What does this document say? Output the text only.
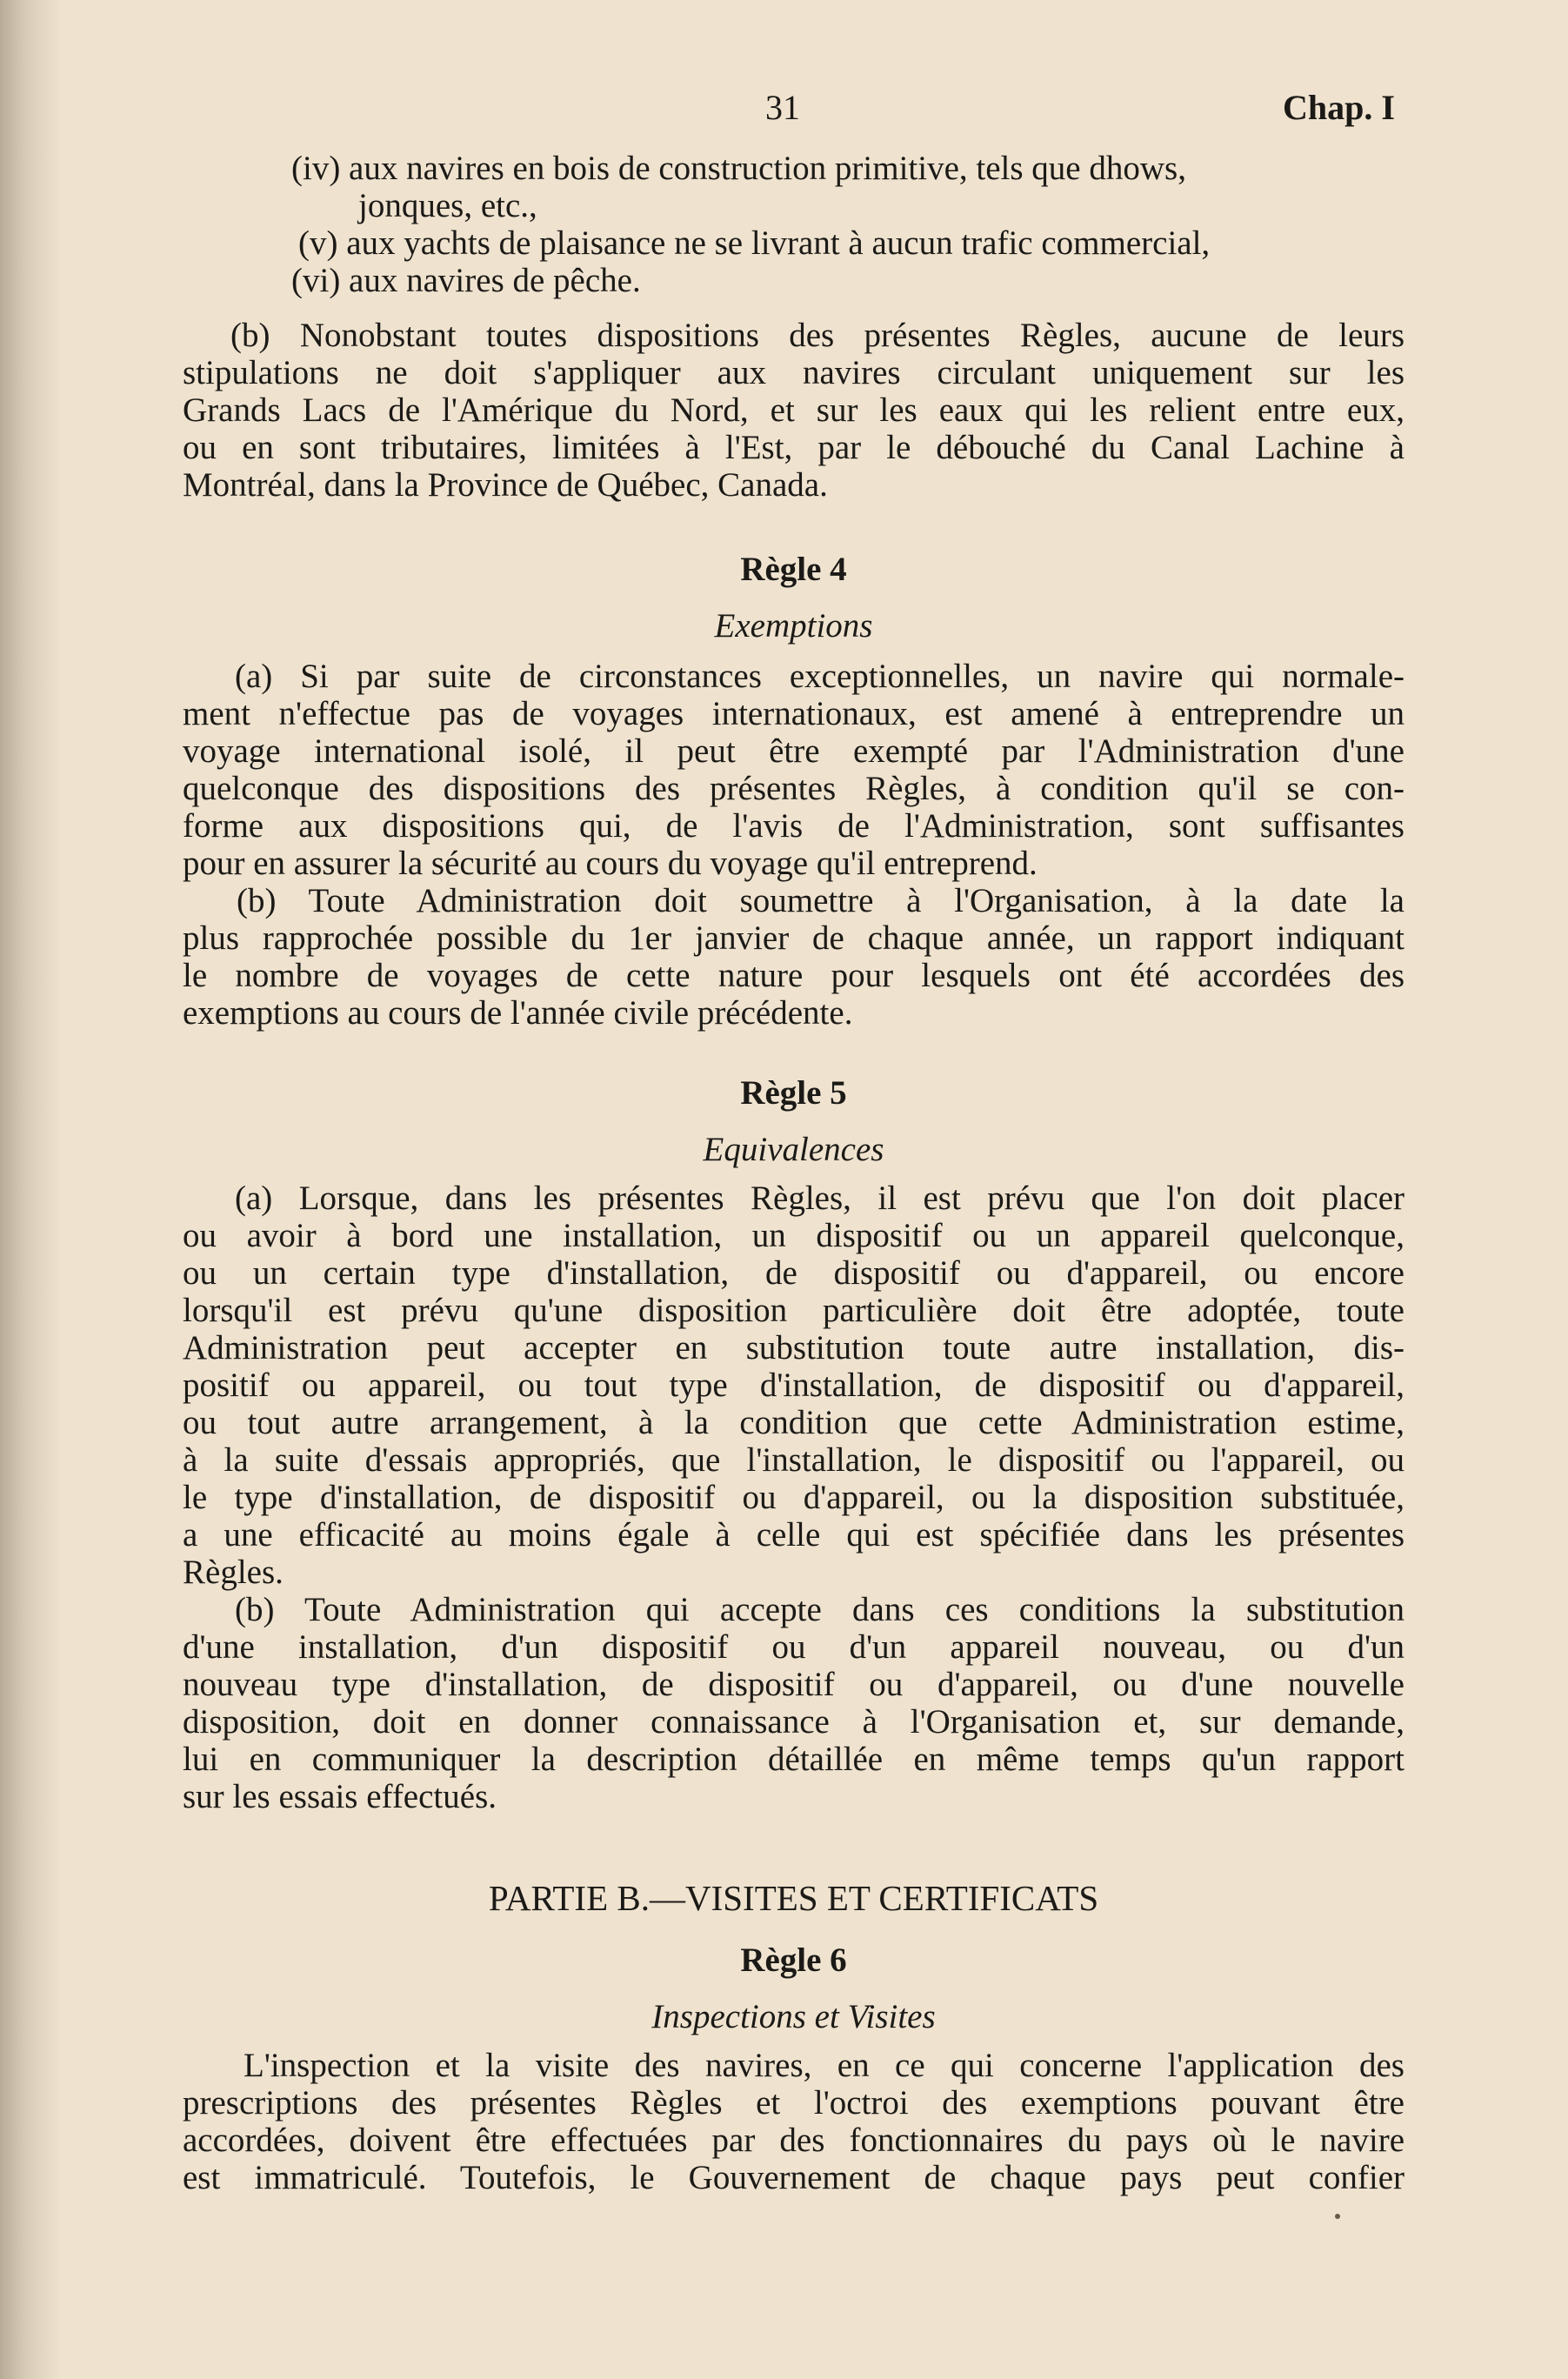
31	Chap. I
(iv) aux navires en bois de construction primitive, tels que dhows,
jonques, etc.,
(v) aux yachts de plaisance ne se livrant à aucun trafic commercial,
(vi) aux navires de pêche.
(b) Nonobstant toutes dispositions des présentes Règles, aucune de leurs
stipulations ne doit s'appliquer aux navires circulant uniquement sur les
Grands Lacs de l'Amérique du Nord, et sur les eaux qui les relient entre eux,
ou en sont tributaires, limitées à l'Est, par le débouché du Canal Lachine à
Montréal, dans la Province de Québec, Canada.
Règle 4
Exemptions
(a) Si par suite de circonstances exceptionnelles, un navire qui normale-
ment n'effectue pas de voyages internationaux, est amené à entreprendre un
voyage international isolé, il peut être exempté par l'Administration d'une
quelconque des dispositions des présentes Règles, à condition qu'il se con-
forme aux dispositions qui, de l'avis de l'Administration, sont suffisantes
pour en assurer la sécurité au cours du voyage qu'il entreprend.
(b) Toute Administration doit soumettre à l'Organisation, à la date la
plus rapprochée possible du 1er janvier de chaque année, un rapport indiquant
le nombre de voyages de cette nature pour lesquels ont été accordées des
exemptions au cours de l'année civile précédente.
Règle 5
Equivalences
(a) Lorsque, dans les présentes Règles, il est prévu que l'on doit placer
ou avoir à bord une installation, un dispositif ou un appareil quelconque,
ou un certain type d'installation, de dispositif ou d'appareil, ou encore
lorsqu'il est prévu qu'une disposition particulière doit être adoptée, toute
Administration peut accepter en substitution toute autre installation, dis-
positif ou appareil, ou tout type d'installation, de dispositif ou d'appareil,
ou tout autre arrangement, à la condition que cette Administration estime,
à la suite d'essais appropriés, que l'installation, le dispositif ou l'appareil, ou
le type d'installation, de dispositif ou d'appareil, ou la disposition substituée,
a une efficacité au moins égale à celle qui est spécifiée dans les présentes
Règles.
(b) Toute Administration qui accepte dans ces conditions la substitution
d'une installation, d'un dispositif ou d'un appareil nouveau, ou d'un
nouveau type d'installation, de dispositif ou d'appareil, ou d'une nouvelle
disposition, doit en donner connaissance à l'Organisation et, sur demande,
lui en communiquer la description détaillée en même temps qu'un rapport
sur les essais effectués.
PARTIE B.—VISITES ET CERTIFICATS
Règle 6
Inspections et Visites
L'inspection et la visite des navires, en ce qui concerne l'application des
prescriptions des présentes Règles et l'octroi des exemptions pouvant être
accordées, doivent être effectuées par des fonctionnaires du pays où le navire
est immatriculé. Toutefois, le Gouvernement de chaque pays peut confier
